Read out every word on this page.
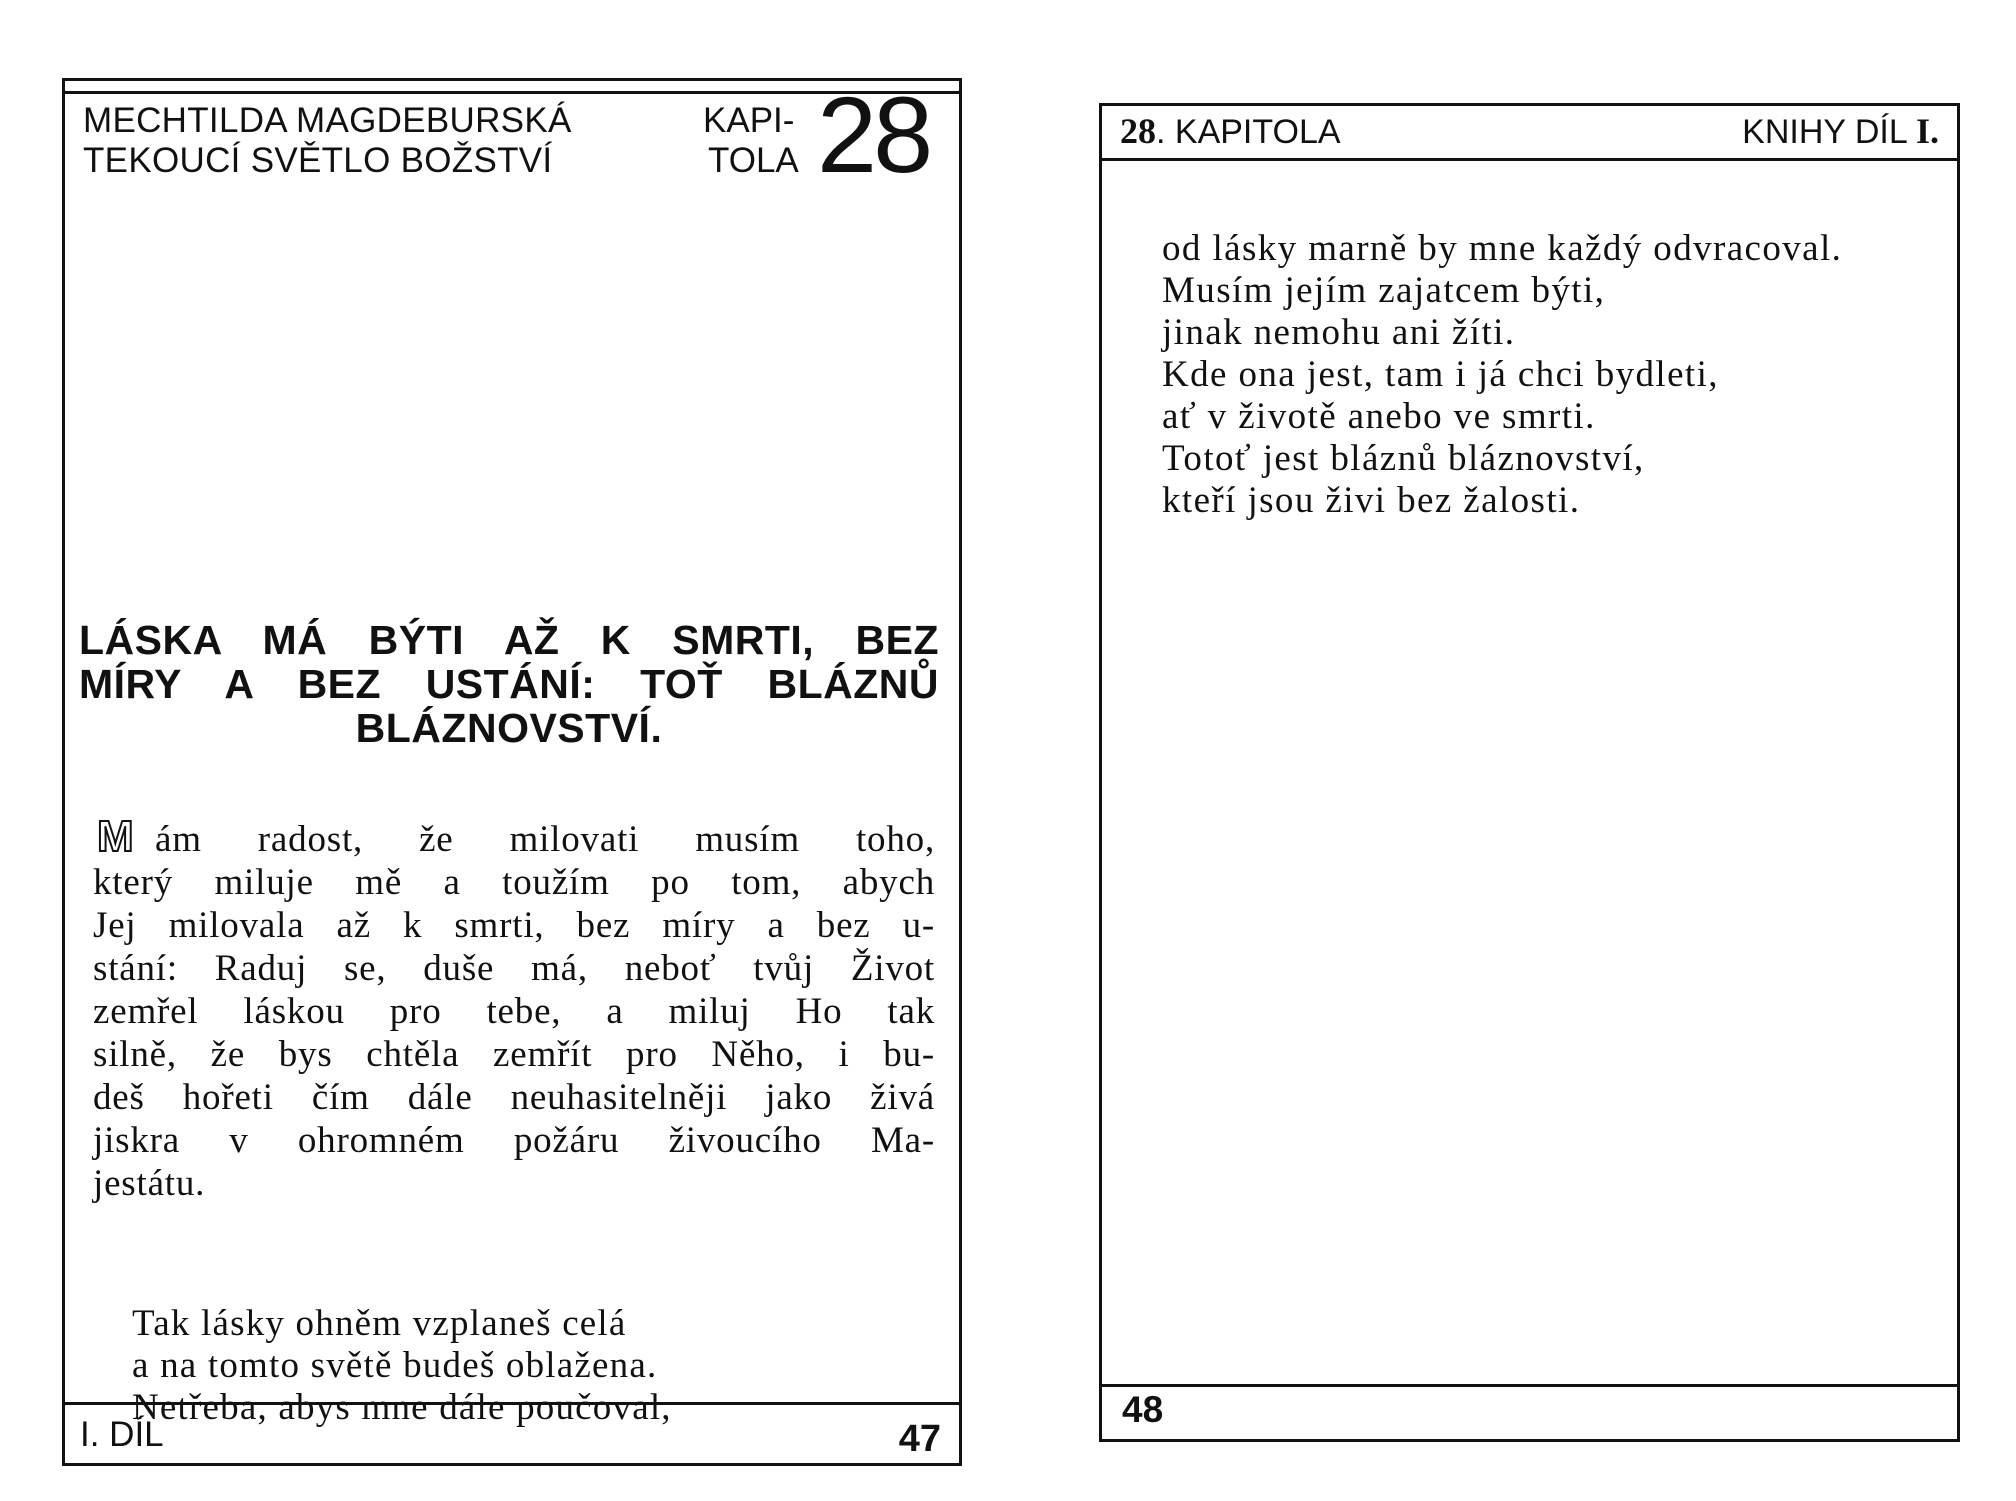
MECHTILDA MAGDEBURSKÁ
TEKOUCÍ SVĚTLO BOŽSTVÍ
KAPI-
TOLA 28
LÁSKA MÁ BÝTI AŽ K SMRTI, BEZ
MÍRY A BEZ USTÁNÍ: TOŤ BLÁZNŮ
BLÁZNOVSTVÍ.
M ám radost, že milovati musím toho,
který miluje mě a toužím po tom, abych
Jej milovala až k smrti, bez míry a bez u-
stání: Raduj se, duše má, neboť tvůj Život
zemřel láskou pro tebe, a miluj Ho tak
silně, že bys chtěla zemřít pro Něho, i bu-
deš hořeti čím dále neuhasitelněji jako živá
jiskra v ohromném požáru živoucího Ma-
jestátu.
Tak lásky ohněm vzplaneš celá
a na tomto světě budeš oblažena.
Netřeba, abys mne dále poučoval,
I. DÍL	47
28. KAPITOLA	KNIHY DÍL I.
od lásky marně by mne každý odvracoval.
Musím jejím zajatcem býti,
jinak nemohu ani žíti.
Kde ona jest, tam i já chci bydleti,
ať v životě anebo ve smrti.
Totoť jest bláznů bláznovství,
kteří jsou živi bez žalosti.
48
